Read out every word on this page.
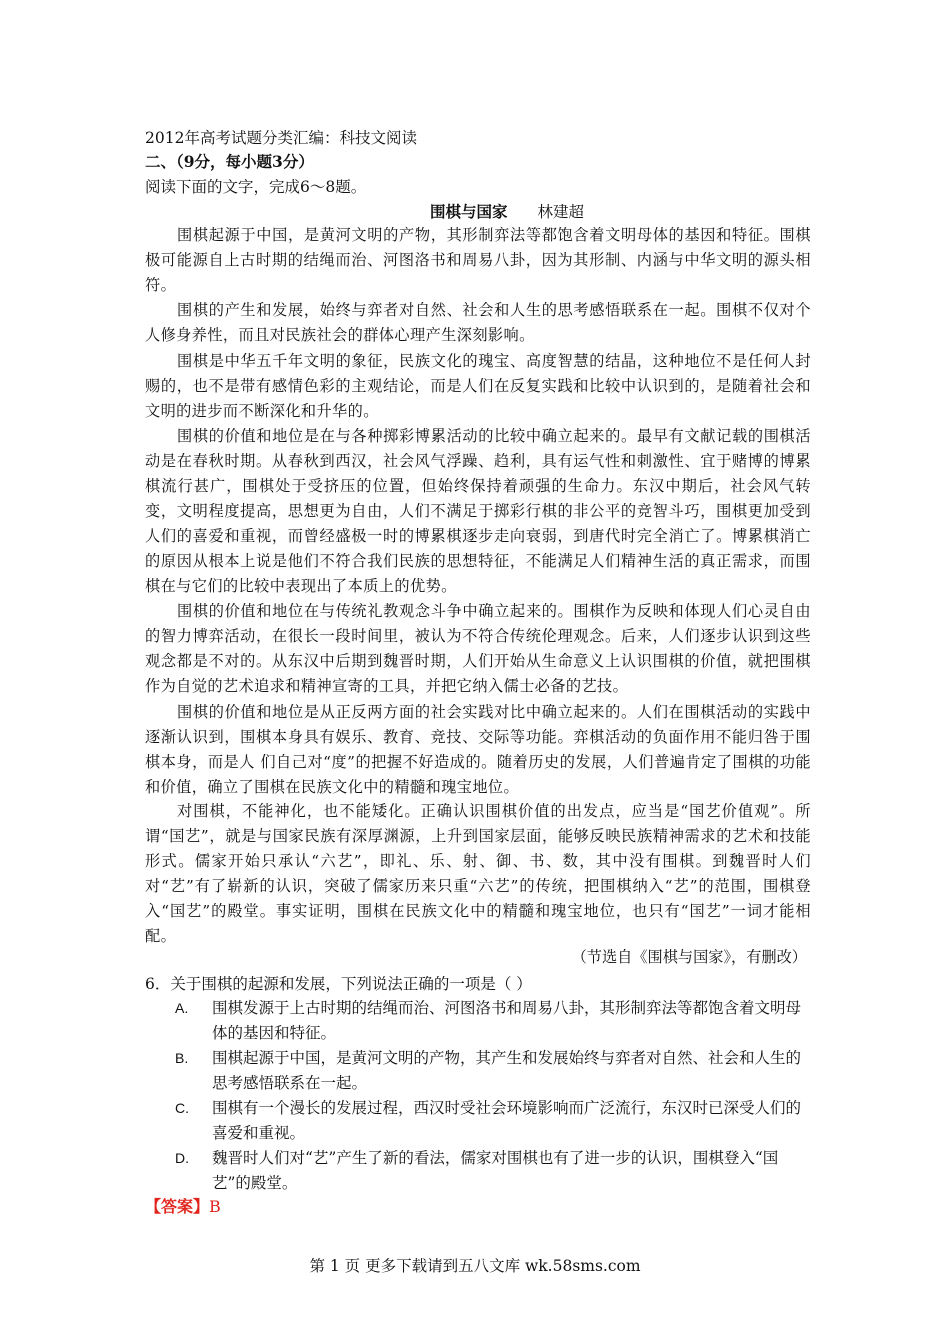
2012年高考试题分类汇编：科技文阅读
二、（9分，每小题3分）
阅读下面的文字，完成6～8题。
围棋与国家 林建超

围棋起源于中国，是黄河文明的产物，其形制弈法等都饱含着文明母体的基因和特征。围棋极可能源自上古时期的结绳而治、河图洛书和周易八卦，因为其形制、内涵与中华文明的源头相符。

围棋的产生和发展，始终与弈者对自然、社会和人生的思考感悟联系在一起。围棋不仅对个人修身养性，而且对民族社会的群体心理产生深刻影响。

围棋是中华五千年文明的象征，民族文化的瑰宝、高度智慧的结晶，这种地位不是任何人封赐的，也不是带有感情色彩的主观结论，而是人们在反复实践和比较中认识到的，是随着社会和文明的进步而不断深化和升华的。

围棋的价值和地位是在与各种掷彩博累活动的比较中确立起来的。最早有文献记载的围棋活动是在春秋时期。从春秋到西汉，社会风气浮躁、趋利，具有运气性和刺激性、宜于赌博的博累棋流行甚广，围棋处于受挤压的位置，但始终保持着顽强的生命力。东汉中期后，社会风气转变，文明程度提高，思想更为自由，人们不满足于掷彩行棋的非公平的竞智斗巧，围棋更加受到人们的喜爱和重视，而曾经盛极一时的博累棋逐步走向衰弱，到唐代时完全消亡了。博累棋消亡的原因从根本上说是他们不符合我们民族的思想特征，不能满足人们精神生活的真正需求，而围棋在与它们的比较中表现出了本质上的优势。

围棋的价值和地位在与传统礼教观念斗争中确立起来的。围棋作为反映和体现人们心灵自由的智力博弈活动，在很长一段时间里，被认为不符合传统伦理观念。后来，人们逐步认识到这些观念都是不对的。从东汉中后期到魏晋时期，人们开始从生命意义上认识围棋的价值，就把围棋作为自觉的艺术追求和精神宣寄的工具，并把它纳入儒士必备的艺技。

围棋的价值和地位是从正反两方面的社会实践对比中确立起来的。人们在围棋活动的实践中逐渐认识到，围棋本身具有娱乐、教育、竞技、交际等功能。弈棋活动的负面作用不能归咎于围棋本身，而是人 们自己对“度”的把握不好造成的。随着历史的发展，人们普遍肯定了围棋的功能和价值，确立了围棋在民族文化中的精髓和瑰宝地位。

对围棋，不能神化，也不能矮化。正确认识围棋价值的出发点，应当是“国艺价值观”。所谓“国艺”，就是与国家民族有深厚渊源，上升到国家层面，能够反映民族精神需求的艺术和技能形式。儒家开始只承认“六艺”，即礼、乐、射、御、书、数，其中没有围棋。到魏晋时人们对“艺”有了崭新的认识，突破了儒家历来只重“六艺”的传统，把围棋纳入“艺”的范围，围棋登入“国艺”的殿堂。事实证明，围棋在民族文化中的精髓和瑰宝地位，也只有“国艺”一词才能相配。

（节选自《围棋与国家》，有删改）
6．关于围棋的起源和发展，下列说法正确的一项是（ ）
A. 围棋发源于上古时期的结绳而治、河图洛书和周易八卦，其形制弈法等都饱含着文明母体的基因和特征。
B. 围棋起源于中国，是黄河文明的产物，其产生和发展始终与弈者对自然、社会和人生的思考感悟联系在一起。
C. 围棋有一个漫长的发展过程，西汉时受社会环境影响而广泛流行，东汉时已深受人们的喜爱和重视。
D. 魏晋时人们对“艺”产生了新的看法，儒家对围棋也有了进一步的认识，围棋登入“国艺”的殿堂。
【答案】B
第 1 页 更多下载请到五八文库 wk.58sms.com
